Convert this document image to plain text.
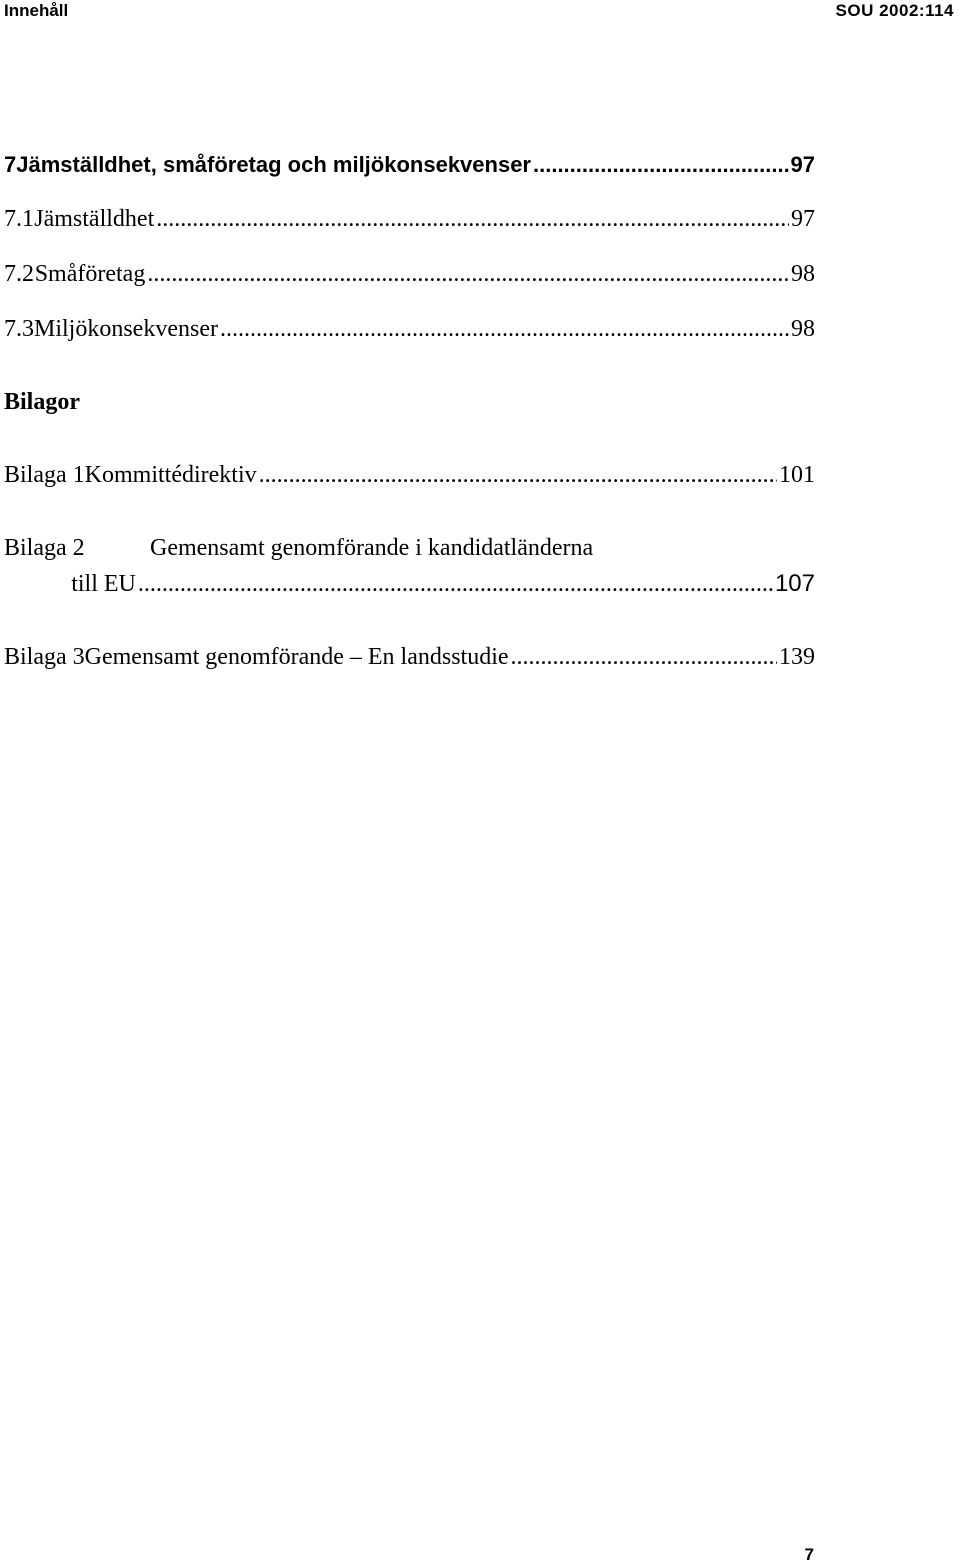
Innehåll	SOU 2002:114
7 Jämställdhet, småföretag och miljökonsekvenser .....	97
7.1 Jämställdhet .....	97
7.2 Småföretag .....	98
7.3 Miljökonsekvenser .....	98
Bilagor
Bilaga 1 Kommittédirektiv .....	101
Bilaga 2	Gemensamt genomförande i kandidatländerna
till EU .....	107
Bilaga 3 Gemensamt genomförande – En landsstudie .....	139
7
